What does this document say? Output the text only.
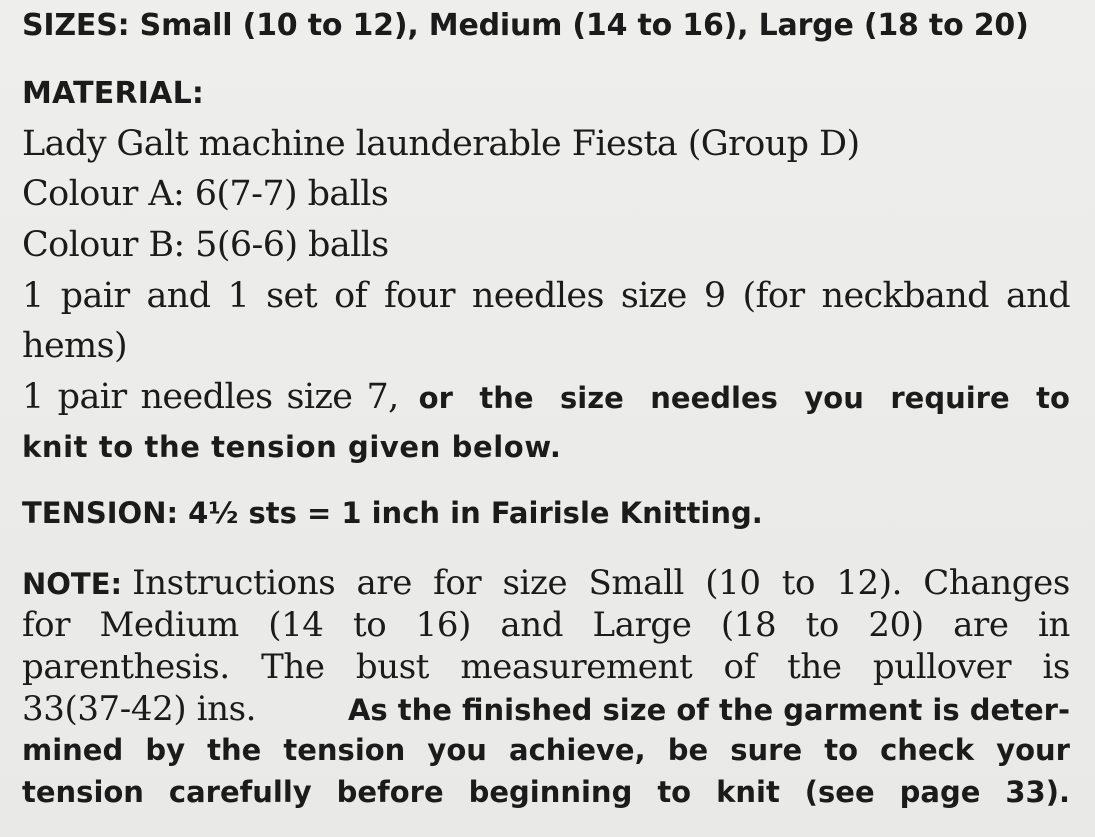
SIZES: Small (10 to 12), Medium (14 to 16), Large (18 to 20)
MATERIAL:
Lady Galt machine launderable Fiesta (Group D)
Colour A: 6(7-7) balls
Colour B: 5(6-6) balls
1 pair and 1 set of four needles size 9 (for neckband and
hems)
1 pair needles size 7, or the size needles you require to
knit to the tension given below.
TENSION: 4½ sts = 1 inch in Fairisle Knitting.
NOTE: Instructions are for size Small (10 to 12). Changes
for Medium (14 to 16) and Large (18 to 20) are in
parenthesis. The bust measurement of the pullover is
33(37-42) ins.	As the finished size of the garment is deter-
mined by the tension you achieve, be sure to check your
tension carefully before beginning to knit (see page 33).
